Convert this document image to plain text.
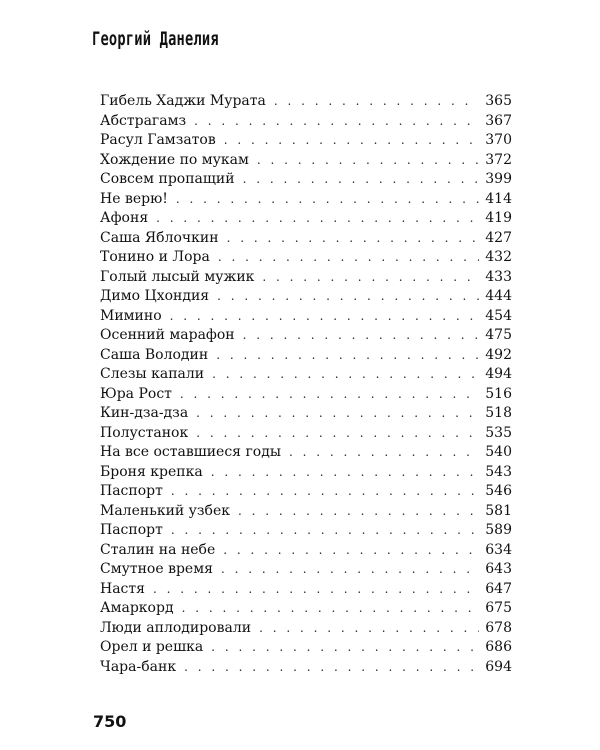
Георгий Данелия
Гибель Хаджи Мурата . . .	365
Абстрагамз . . .	367
Расул Гамзатов . . .	370
Хождение по мукам . . .	372
Совсем пропащий . . .	399
Не верю! . . .	414
Афоня . . .	419
Саша Яблочкин . . .	427
Тонино и Лора . . .	432
Голый лысый мужик . . .	433
Димо Цхондия . . .	444
Мимино . . .	454
Осенний марафон . . .	475
Саша Володин . . .	492
Слезы капали . . .	494
Юра Рост . . .	516
Кин-дза-дза . . .	518
Полустанок . . .	535
На все оставшиеся годы . . .	540
Броня крепка . . .	543
Паспорт . . .	546
Маленький узбек . . .	581
Паспорт . . .	589
Сталин на небе . . .	634
Смутное время . . .	643
Настя . . .	647
Амаркорд . . .	675
Люди аплодировали . . .	678
Орел и решка . . .	686
Чара-банк . . .	694
750
